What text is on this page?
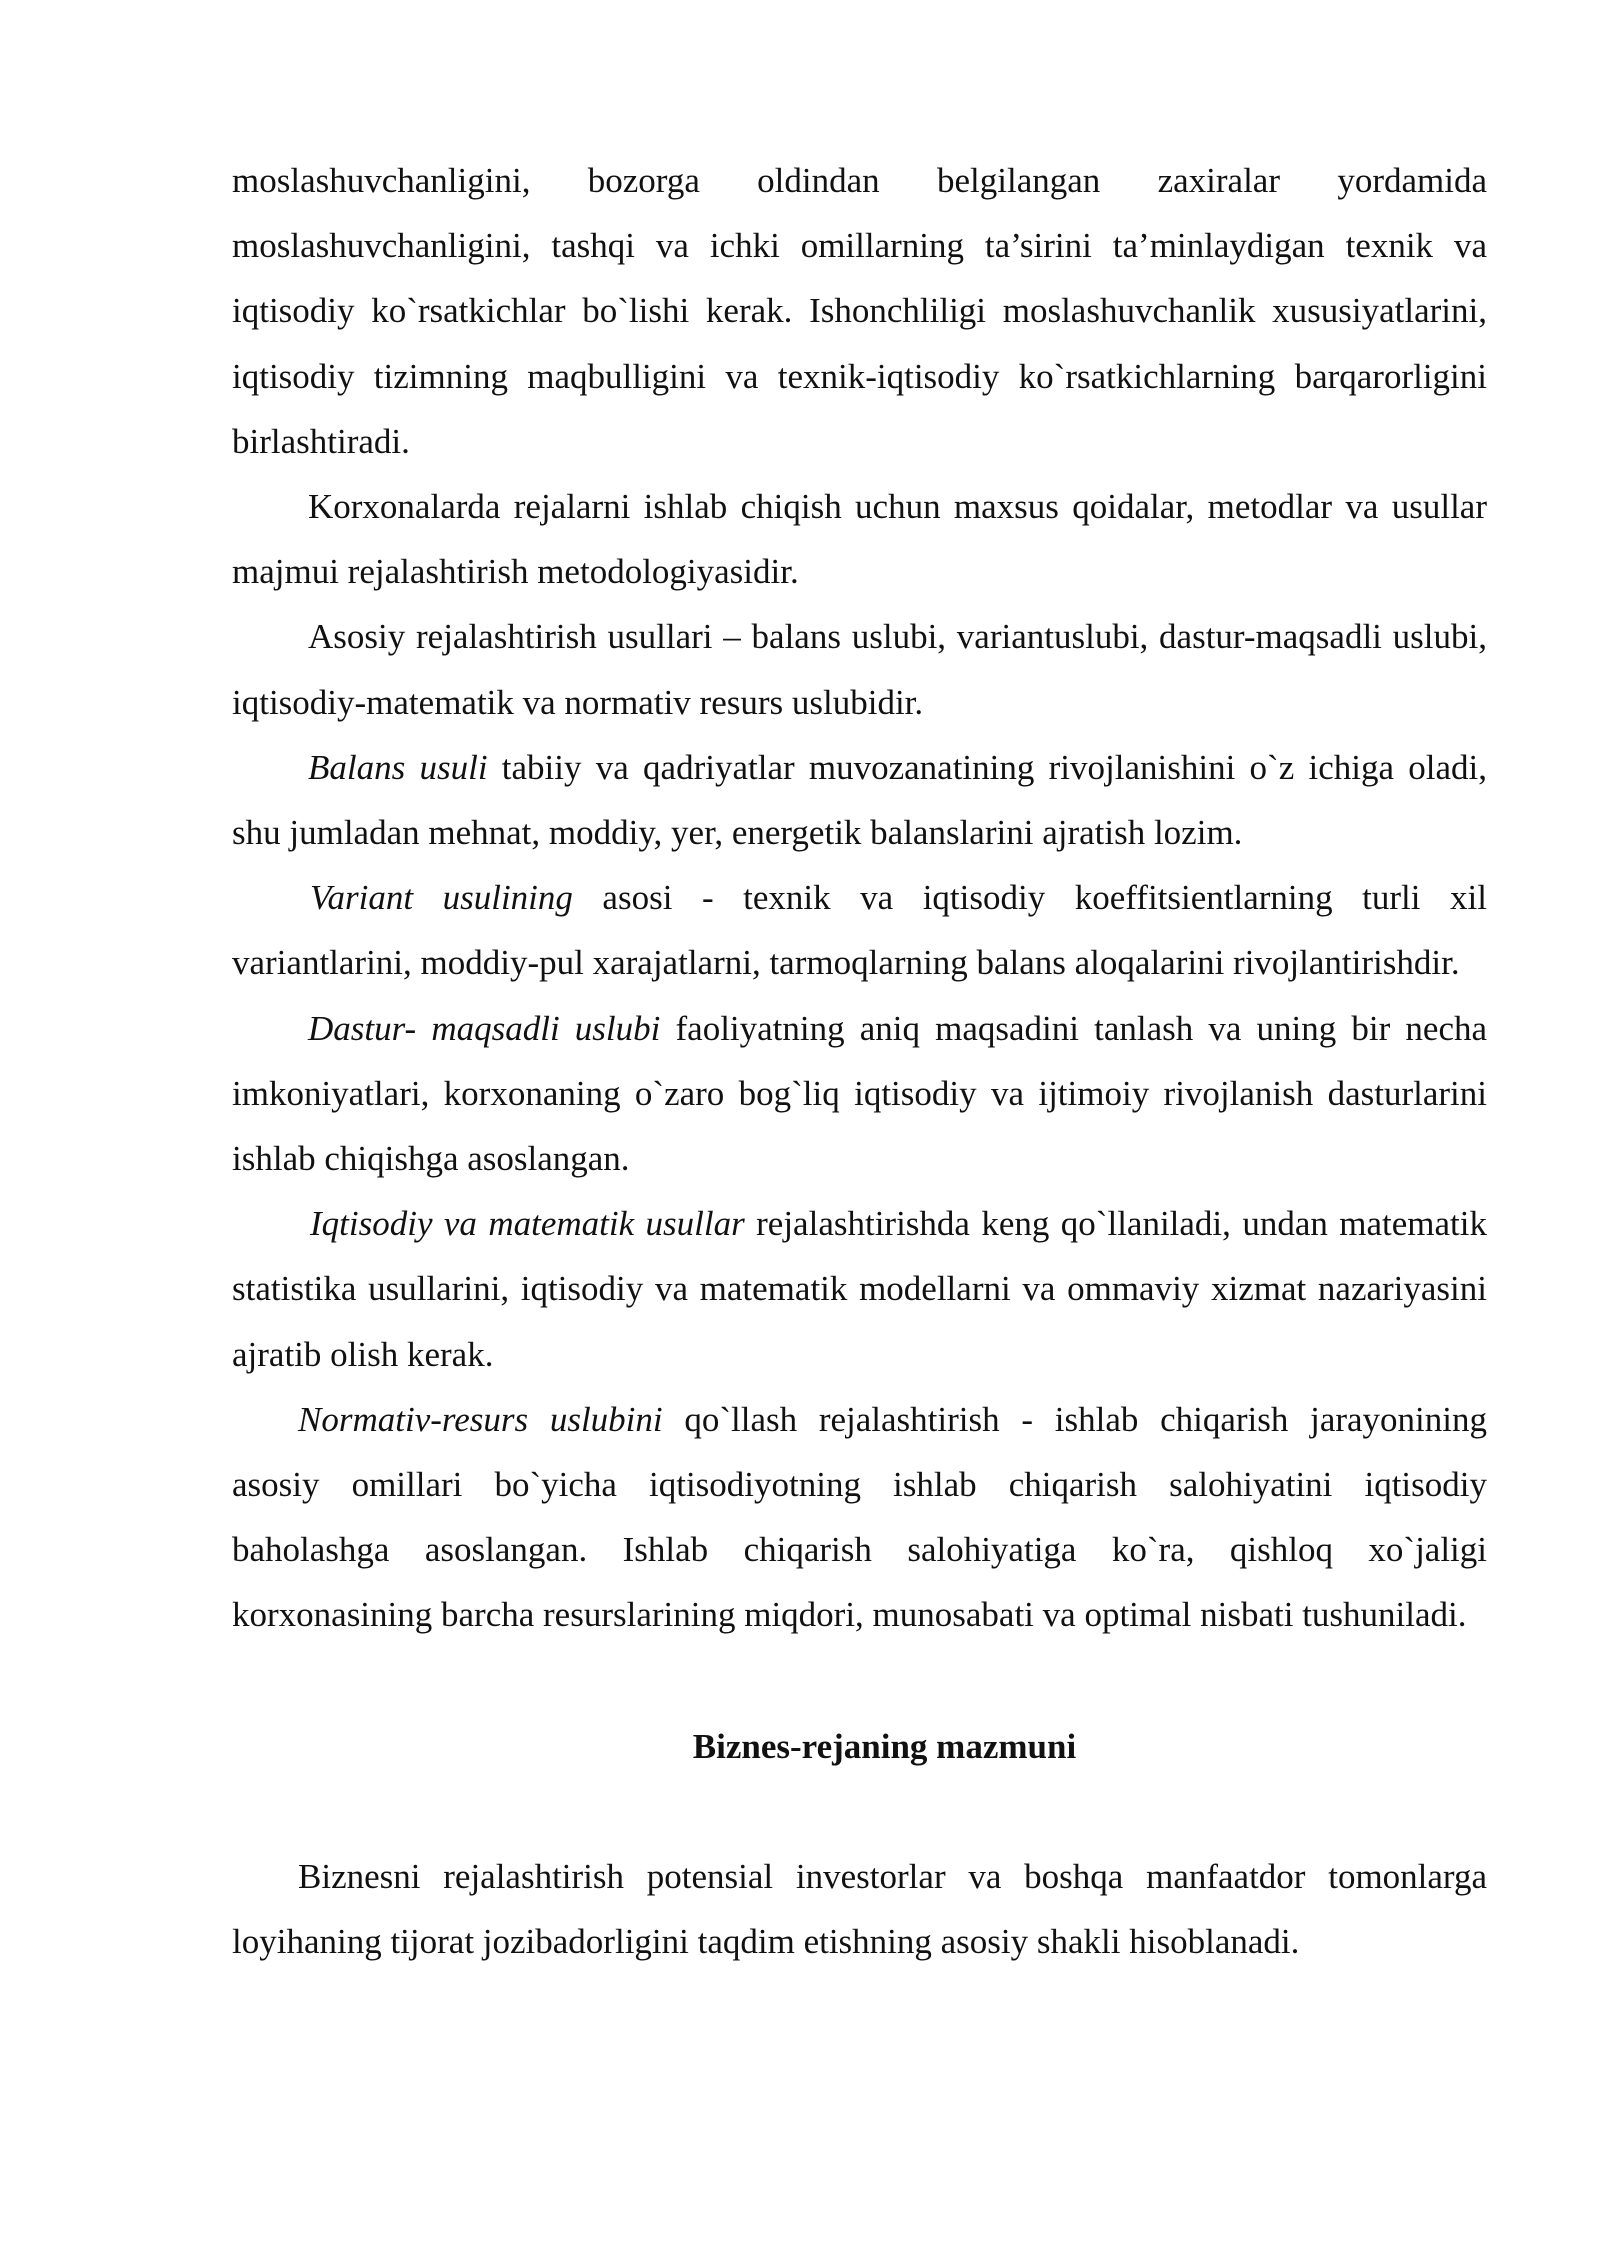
moslashuvchanligini, bozorga oldindan belgilangan zaxiralar yordamida moslashuvchanligini, tashqi va ichki omillarning ta’sirini ta’minlaydigan texnik va iqtisodiy ko`rsatkichlar bo`lishi kerak. Ishonchliligi moslashuvchanlik xususiyatlarini, iqtisodiy tizimning maqbulligini va texnik-iqtisodiy ko`rsatkichlarning barqarorligini birlashtiradi.

Korxonalarda rejalarni ishlab chiqish uchun maxsus qoidalar, metodlar va usullar majmui rejalashtirish metodologiyasidir.

Asosiy rejalashtirish usullari – balans uslubi, variantuslubi, dastur-maqsadli uslubi, iqtisodiy-matematik va normativ resurs uslubidir.

Balans usuli tabiiy va qadriyatlar muvozanatining rivojlanishini o`z ichiga oladi, shu jumladan mehnat, moddiy, yer, energetik balanslarini ajratish lozim.

Variant usulining asosi - texnik va iqtisodiy koeffitsientlarning turli xil variantlarini, moddiy-pul xarajatlarni, tarmoqlarning balans aloqalarini rivojlantirishdir.

Dastur- maqsadli uslubi faoliyatning aniq maqsadini tanlash va uning bir necha imkoniyatlari, korxonaning o`zaro bog`liq iqtisodiy va ijtimoiy rivojlanish dasturlarini ishlab chiqishga asoslangan.

Iqtisodiy va matematik usullar rejalashtirishda keng qo`llaniladi, undan matematik statistika usullarini, iqtisodiy va matematik modellarni va ommaviy xizmat nazariyasini ajratib olish kerak.

Normativ-resurs uslubini qo`llash rejalashtirish - ishlab chiqarish jarayonining asosiy omillari bo`yicha iqtisodiyotning ishlab chiqarish salohiyatini iqtisodiy baholashga asoslangan. Ishlab chiqarish salohiyatiga ko`ra, qishloq xo`jaligi korxonasining barcha resurslarining miqdori, munosabati va optimal nisbati tushuniladi.

Biznes-rejaning mazmuni

Biznesni rejalashtirish potensial investorlar va boshqa manfaatdor tomonlarga loyihaning tijorat jozibadorligini taqdim etishning asosiy shakli hisoblanadi.
